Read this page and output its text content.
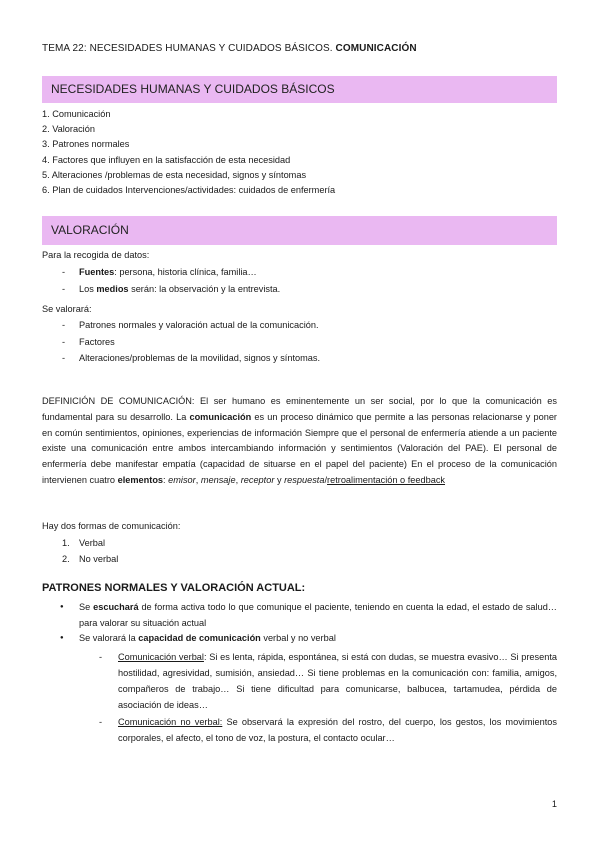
TEMA 22: NECESIDADES HUMANAS Y CUIDADOS BÁSICOS. COMUNICACIÓN
NECESIDADES HUMANAS Y CUIDADOS BÁSICOS
1. Comunicación
2. Valoración
3. Patrones normales
4. Factores que influyen en la satisfacción de esta necesidad
5. Alteraciones /problemas de esta necesidad, signos y síntomas
6. Plan de cuidados Intervenciones/actividades: cuidados de enfermería
VALORACIÓN
Para la recogida de datos:
- Fuentes: persona, historia clínica, familia…
- Los medios serán: la observación y la entrevista.
Se valorará:
- Patrones normales y valoración actual de la comunicación.
- Factores
- Alteraciones/problemas de la movilidad, signos y síntomas.
DEFINICIÓN DE COMUNICACIÓN: El ser humano es eminentemente un ser social, por lo que la comunicación es fundamental para su desarrollo. La comunicación es un proceso dinámico que permite a las personas relacionarse y poner en común sentimientos, opiniones, experiencias de información Siempre que el personal de enfermería atiende a un paciente existe una comunicación entre ambos intercambiando información y sentimientos (Valoración del PAE). El personal de enfermería debe manifestar empatía (capacidad de situarse en el papel del paciente) En el proceso de la comunicación intervienen cuatro elementos: emisor, mensaje, receptor y respuesta/retroalimentación o feedback
Hay dos formas de comunicación:
1. Verbal
2. No verbal
PATRONES NORMALES Y VALORACIÓN ACTUAL:
● Se escuchará de forma activa todo lo que comunique el paciente, teniendo en cuenta la edad, el estado de salud… para valorar su situación actual
● Se valorará la capacidad de comunicación verbal y no verbal
- Comunicación verbal: Si es lenta, rápida, espontánea, si está con dudas, se muestra evasivo… Si presenta hostilidad, agresividad, sumisión, ansiedad… Si tiene problemas en la comunicación con: familia, amigos, compañeros de trabajo… Si tiene dificultad para comunicarse, balbucea, tartamudea, pérdida de asociación de ideas…
- Comunicación no verbal: Se observará la expresión del rostro, del cuerpo, los gestos, los movimientos corporales, el afecto, el tono de voz, la postura, el contacto ocular…
1
